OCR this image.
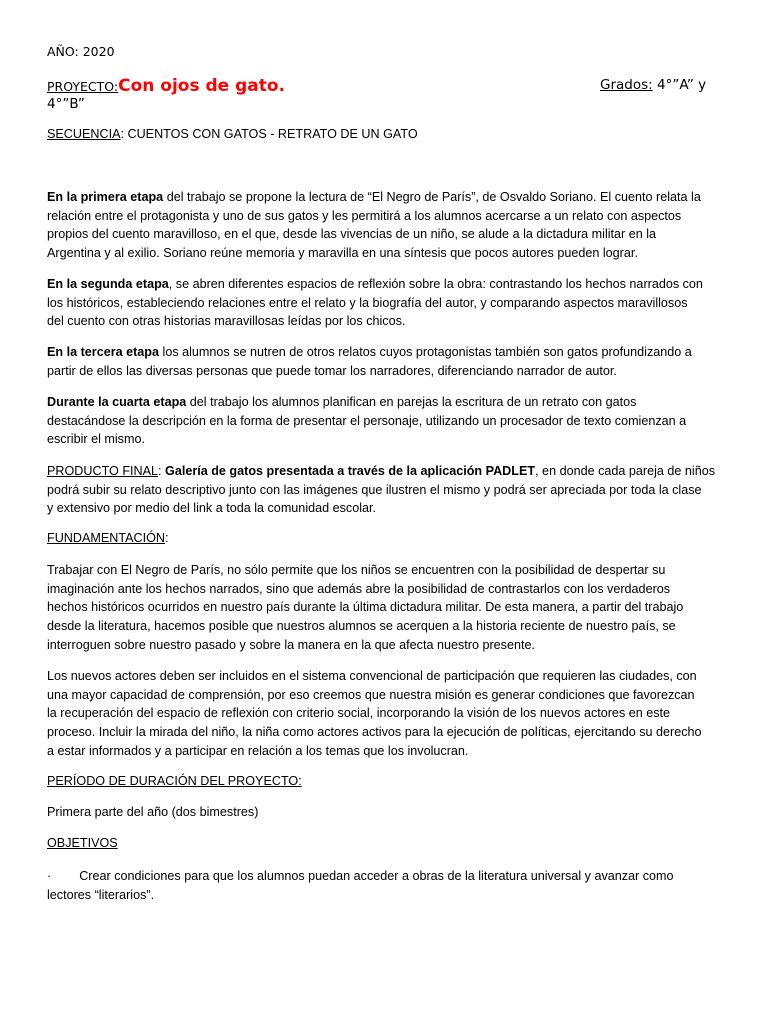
AÑO: 2020
PROYECTO:Con ojos de gato.	Grados: 4°”A” y
4°”B”
SECUENCIA: CUENTOS CON GATOS - RETRATO DE UN GATO
En la primera etapa del trabajo se propone la lectura de “El Negro de París”, de Osvaldo Soriano. El cuento relata la
relación entre el protagonista y uno de sus gatos y les permitirá a los alumnos acercarse a un relato con aspectos
propios del cuento maravilloso, en el que, desde las vivencias de un niño, se alude a la dictadura militar en la
Argentina y al exilio. Soriano reúne memoria y maravilla en una síntesis que pocos autores pueden lograr.
En la segunda etapa, se abren diferentes espacios de reflexión sobre la obra: contrastando los hechos narrados con
los históricos, estableciendo relaciones entre el relato y la biografía del autor, y comparando aspectos maravillosos
del cuento con otras historias maravillosas leídas por los chicos.
En la tercera etapa los alumnos se nutren de otros relatos cuyos protagonistas también son gatos profundizando a
partir de ellos las diversas personas que puede tomar los narradores, diferenciando narrador de autor.
Durante la cuarta etapa del trabajo los alumnos planifican en parejas la escritura de un retrato con gatos
destacándose la descripción en la forma de presentar el personaje, utilizando un procesador de texto comienzan a
escribir el mismo.
PRODUCTO FINAL: Galería de gatos presentada a través de la aplicación PADLET, en donde cada pareja de niños
podrá subir su relato descriptivo junto con las imágenes que ilustren el mismo y podrá ser apreciada por toda la clase
y extensivo por medio del link a toda la comunidad escolar.
FUNDAMENTACIÓN:
Trabajar con El Negro de París, no sólo permite que los niños se encuentren con la posibilidad de despertar su
imaginación ante los hechos narrados, sino que además abre la posibilidad de contrastarlos con los verdaderos
hechos históricos ocurridos en nuestro país durante la última dictadura militar. De esta manera, a partir del trabajo
desde la literatura, hacemos posible que nuestros alumnos se acerquen a la historia reciente de nuestro país, se
interroguen sobre nuestro pasado y sobre la manera en la que afecta nuestro presente.
Los nuevos actores deben ser incluidos en el sistema convencional de participación que requieren las ciudades, con
una mayor capacidad de comprensión, por eso creemos que nuestra misión es generar condiciones que favorezcan
la recuperación del espacio de reflexión con criterio social, incorporando la visión de los nuevos actores en este
proceso. Incluir la mirada del niño, la niña como actores activos para la ejecución de políticas, ejercitando su derecho
a estar informados y a participar en relación a los temas que los involucran.
PERÍODO DE DURACIÓN DEL PROYECTO:
Primera parte del año (dos bimestres)
OBJETIVOS
· Crear condiciones para que los alumnos puedan acceder a obras de la literatura universal y avanzar como
lectores “literarios”.
